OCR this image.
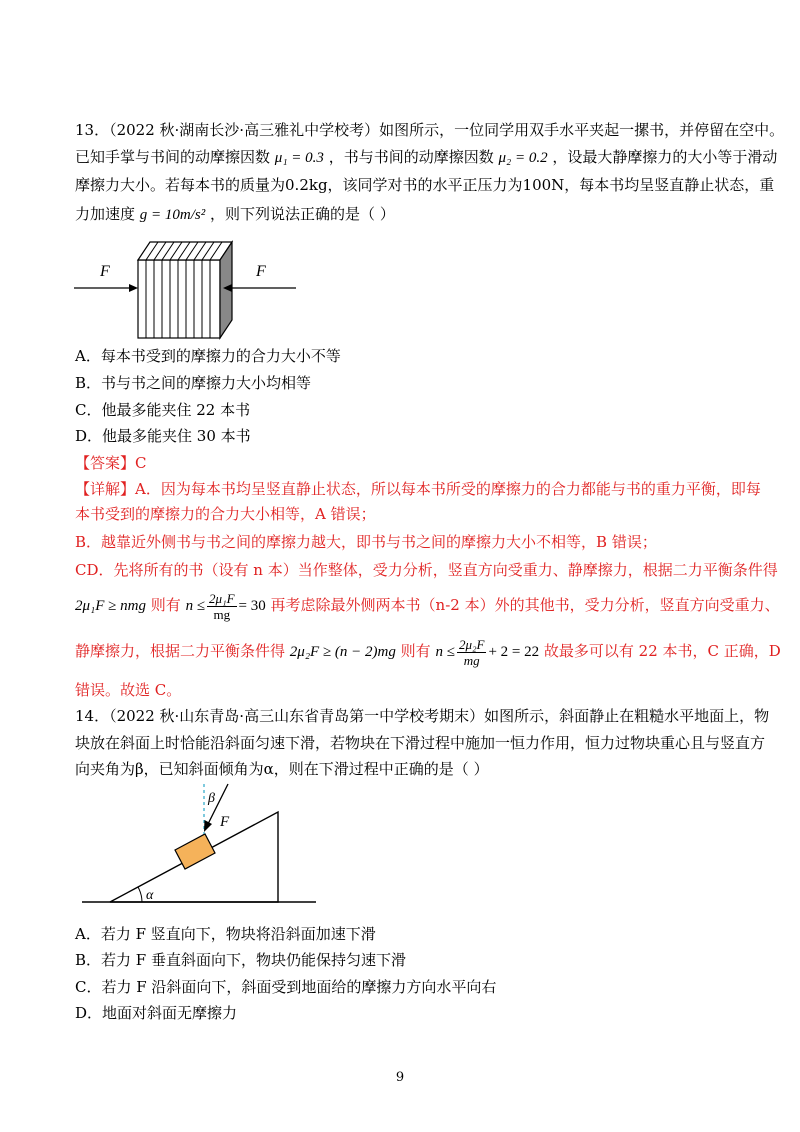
13．（2022 秋·湖南长沙·高三雅礼中学校考）如图所示，一位同学用双手水平夹起一摞书，并停留在空中。
已知手掌与书间的动摩擦因数 μ₁ = 0.3 ，书与书间的动摩擦因数 μ₂ = 0.2 ，设最大静摩擦力的大小等于滑动
摩擦力大小。若每本书的质量为0.2kg，该同学对书的水平正压力为100N，每本书均呈竖直静止状态，重
力加速度 g = 10m/s² ，则下列说法正确的是（ ）
F	F
A．每本书受到的摩擦力的合力大小不等
B．书与书之间的摩擦力大小均相等
C．他最多能夹住 22 本书
D．他最多能夹住 30 本书
【答案】C
【详解】A．因为每本书均呈竖直静止状态，所以每本书所受的摩擦力的合力都能与书的重力平衡，即每
本书受到的摩擦力的合力大小相等，A 错误；
B．越靠近外侧书与书之间的摩擦力越大，即书与书之间的摩擦力大小不相等，B 错误；
CD．先将所有的书（设有 n 本）当作整体，受力分析，竖直方向受重力、静摩擦力，根据二力平衡条件得
2μ₁F ≥ nmg 则有 $n \le \frac{\text{2μ₁F}}{mg} = 30$ 再考虑除最外侧两本书（n-2 本）外的其他书，受力分析，竖直方向受重力、
静摩擦力，根据二力平衡条件得 2μ₂F ≥ (n − 2)mg 则有 $n \le \frac{\text{2μ₂F}}{mg} + 2 = 22$ 故最多可以有 22 本书，C 正确，D
错误。故选 C。
14．（2022 秋·山东青岛·高三山东省青岛第一中学校考期末）如图所示，斜面静止在粗糙水平地面上，物
块放在斜面上时恰能沿斜面匀速下滑，若物块在下滑过程中施加一恒力作用，恒力过物块重心且与竖直方
向夹角为β，已知斜面倾角为α，则在下滑过程中正确的是（ ）
α
β
F
A．若力 F 竖直向下，物块将沿斜面加速下滑
B．若力 F 垂直斜面向下，物块仍能保持匀速下滑
C．若力 F 沿斜面向下，斜面受到地面给的摩擦力方向水平向右
D．地面对斜面无摩擦力
9
